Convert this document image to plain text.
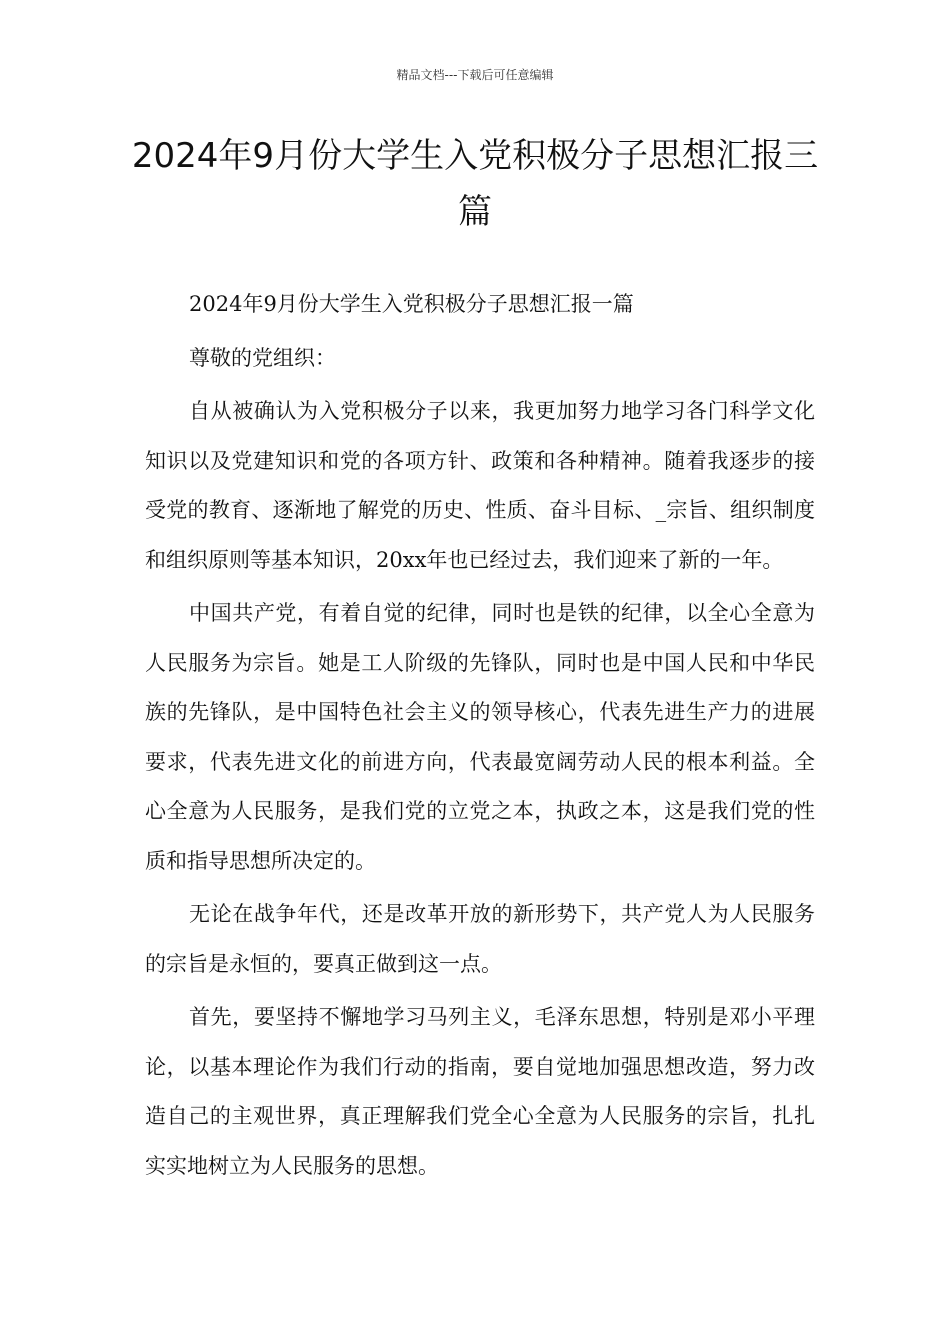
精品文档---下载后可任意编辑
2024年9月份大学生入党积极分子思想汇报三篇

2024年9月份大学生入党积极分子思想汇报一篇

尊敬的党组织：

自从被确认为入党积极分子以来，我更加努力地学习各门科学文化知识以及党建知识和党的各项方针、政策和各种精神。随着我逐步的接受党的教育、逐渐地了解党的历史、性质、奋斗目标、_宗旨、组织制度和组织原则等基本知识，20xx年也已经过去，我们迎来了新的一年。

中国共产党，有着自觉的纪律，同时也是铁的纪律，以全心全意为人民服务为宗旨。她是工人阶级的先锋队，同时也是中国人民和中华民族的先锋队，是中国特色社会主义的领导核心，代表先进生产力的进展要求，代表先进文化的前进方向，代表最宽阔劳动人民的根本利益。全心全意为人民服务，是我们党的立党之本，执政之本，这是我们党的性质和指导思想所决定的。

无论在战争年代，还是改革开放的新形势下，共产党人为人民服务的宗旨是永恒的，要真正做到这一点。

首先，要坚持不懈地学习马列主义，毛泽东思想，特别是邓小平理论，以基本理论作为我们行动的指南，要自觉地加强思想改造，努力改造自己的主观世界，真正理解我们党全心全意为人民服务的宗旨，扎扎实实地树立为人民服务的思想。
